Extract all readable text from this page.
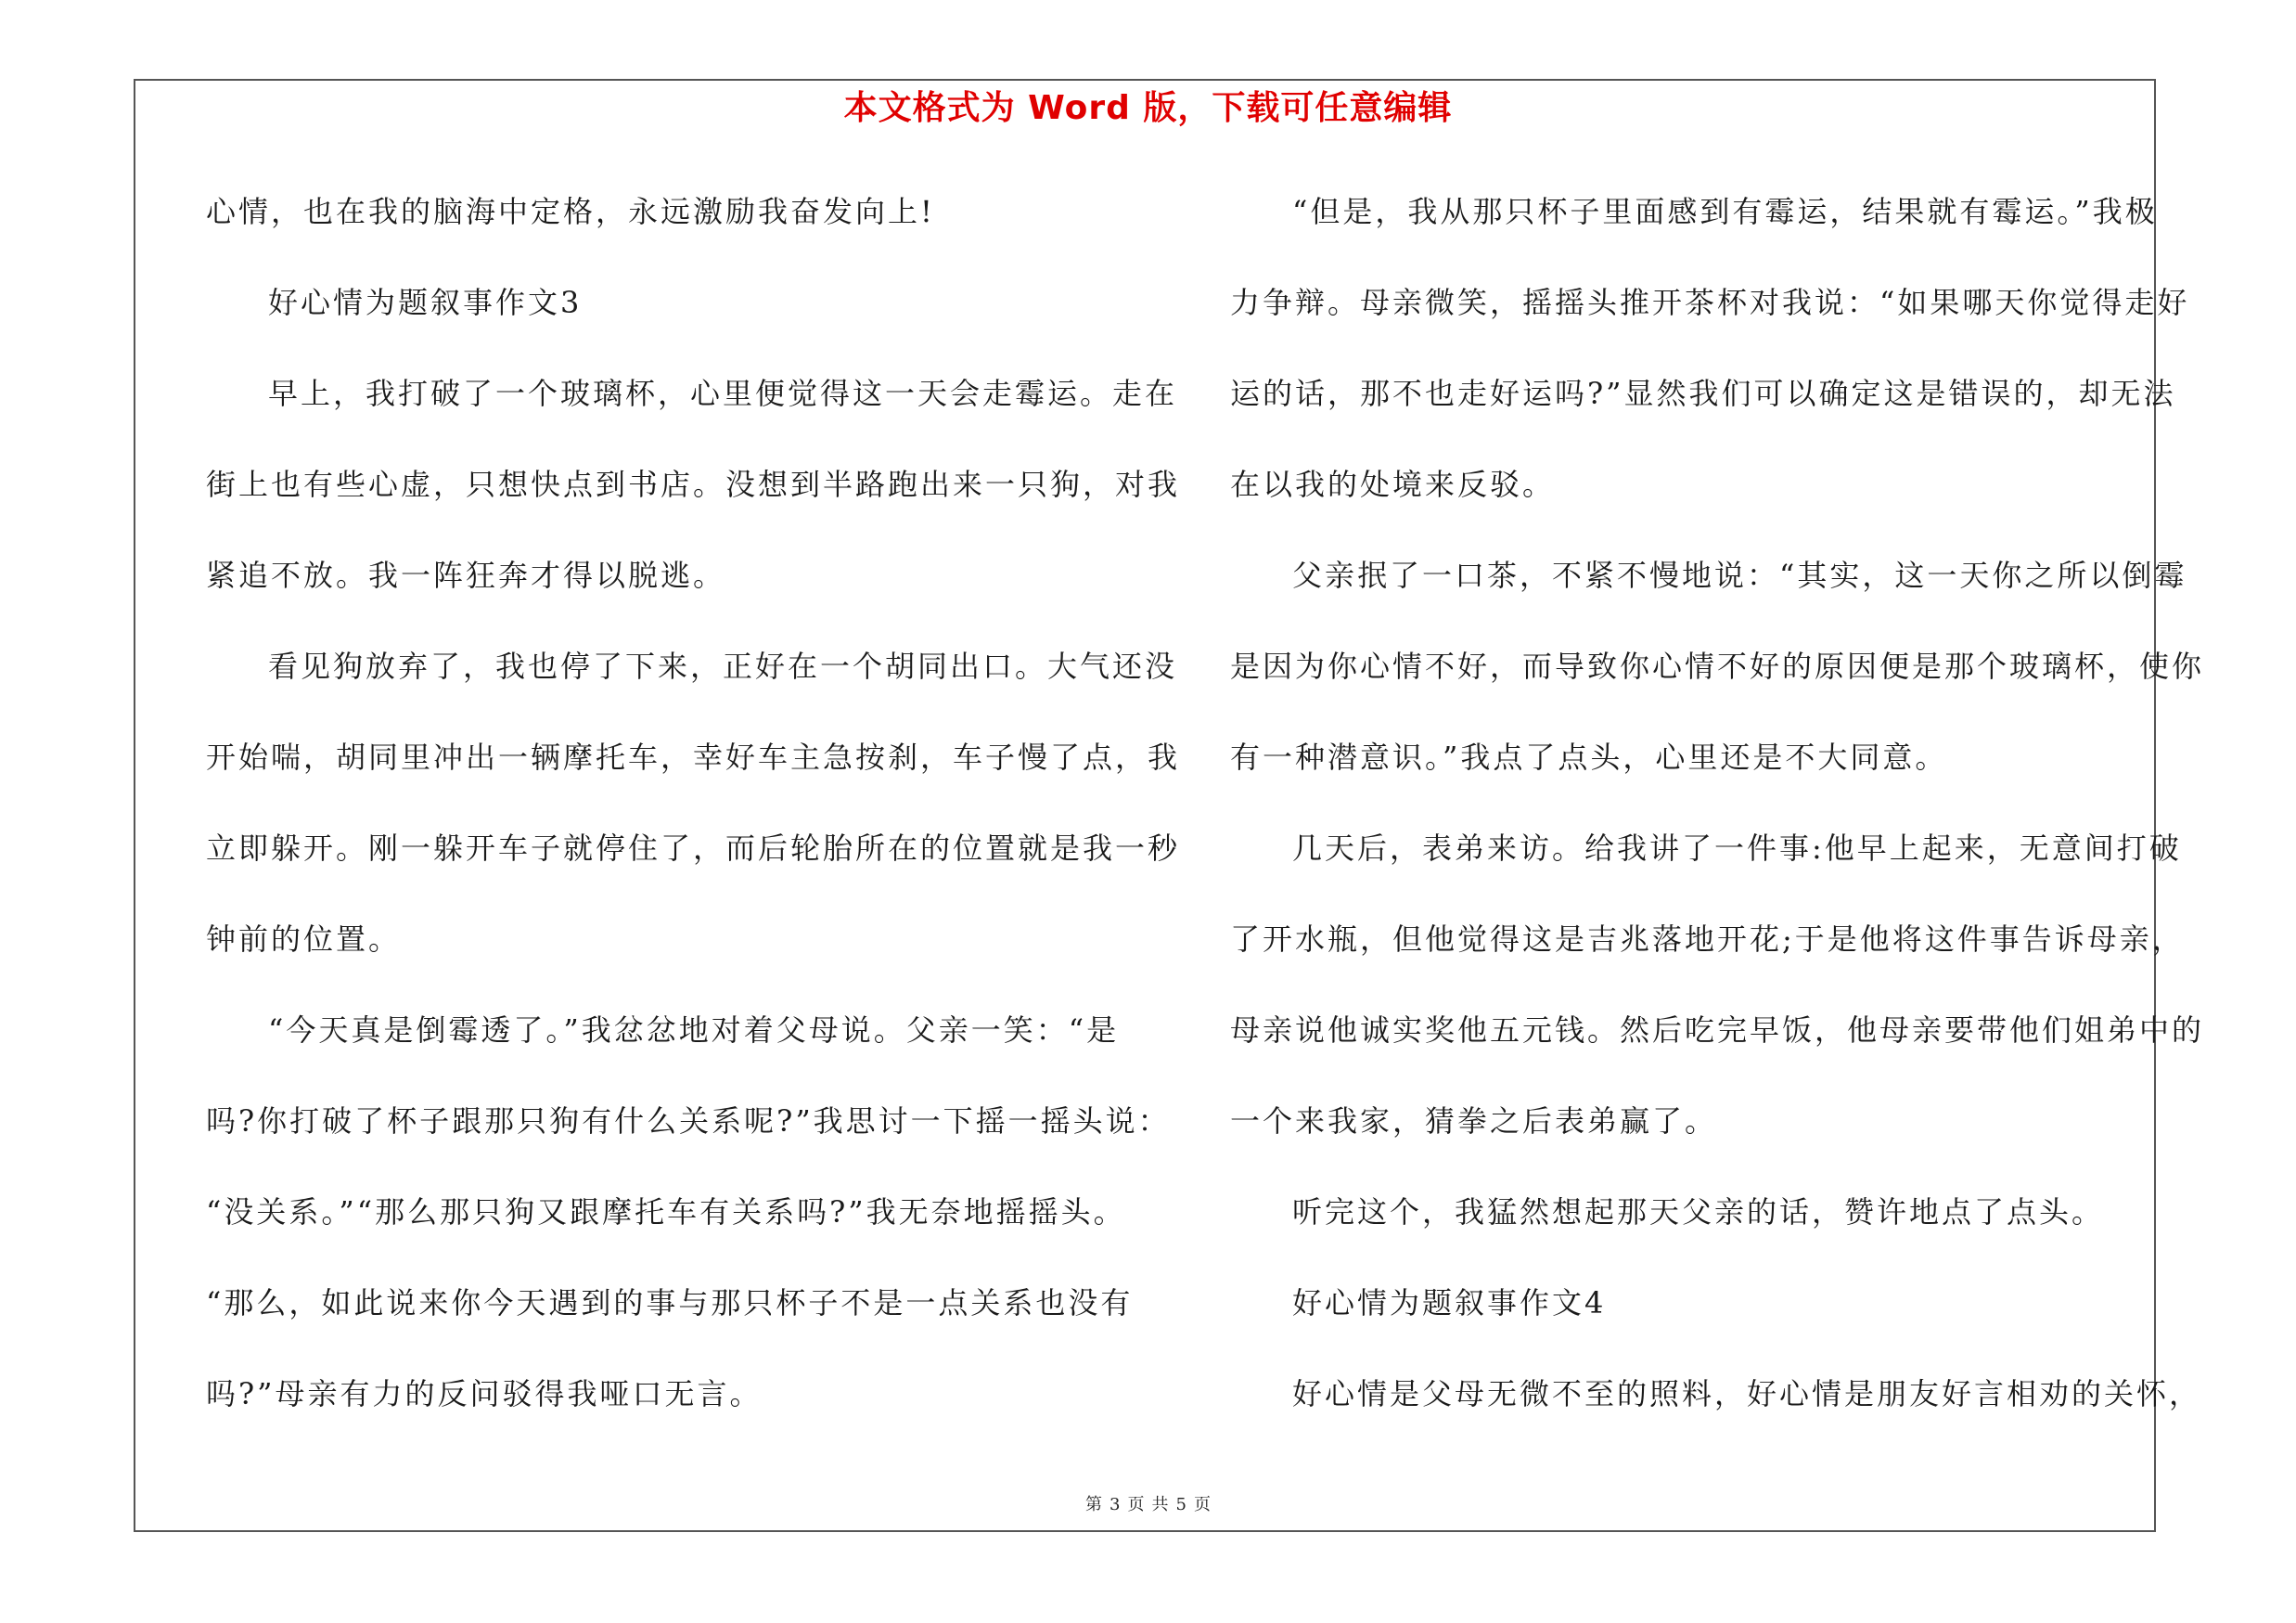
本文格式为 Word 版，下载可任意编辑
心情，也在我的脑海中定格，永远激励我奋发向上!
好心情为题叙事作文3
早上，我打破了一个玻璃杯，心里便觉得这一天会走霉运。走在
街上也有些心虚，只想快点到书店。没想到半路跑出来一只狗，对我
紧追不放。我一阵狂奔才得以脱逃。
看见狗放弃了，我也停了下来，正好在一个胡同出口。大气还没
开始喘，胡同里冲出一辆摩托车，幸好车主急按刹，车子慢了点，我
立即躲开。刚一躲开车子就停住了，而后轮胎所在的位置就是我一秒
钟前的位置。
“今天真是倒霉透了。”我忿忿地对着父母说。父亲一笑：“是
吗?你打破了杯子跟那只狗有什么关系呢?”我思讨一下摇一摇头说：
“没关系。”“那么那只狗又跟摩托车有关系吗?”我无奈地摇摇头。
“那么，如此说来你今天遇到的事与那只杯子不是一点关系也没有
吗?”母亲有力的反问驳得我哑口无言。
“但是，我从那只杯子里面感到有霉运，结果就有霉运。”我极
力争辩。母亲微笑，摇摇头推开茶杯对我说：“如果哪天你觉得走好
运的话，那不也走好运吗?”显然我们可以确定这是错误的，却无法
在以我的处境来反驳。
父亲抿了一口茶，不紧不慢地说：“其实，这一天你之所以倒霉
是因为你心情不好，而导致你心情不好的原因便是那个玻璃杯，使你
有一种潜意识。”我点了点头，心里还是不大同意。
几天后，表弟来访。给我讲了一件事:他早上起来，无意间打破
了开水瓶，但他觉得这是吉兆落地开花;于是他将这件事告诉母亲，
母亲说他诚实奖他五元钱。然后吃完早饭，他母亲要带他们姐弟中的
一个来我家，猜拳之后表弟赢了。
听完这个，我猛然想起那天父亲的话，赞许地点了点头。
好心情为题叙事作文4
好心情是父母无微不至的照料，好心情是朋友好言相劝的关怀，
第 3 页 共 5 页
